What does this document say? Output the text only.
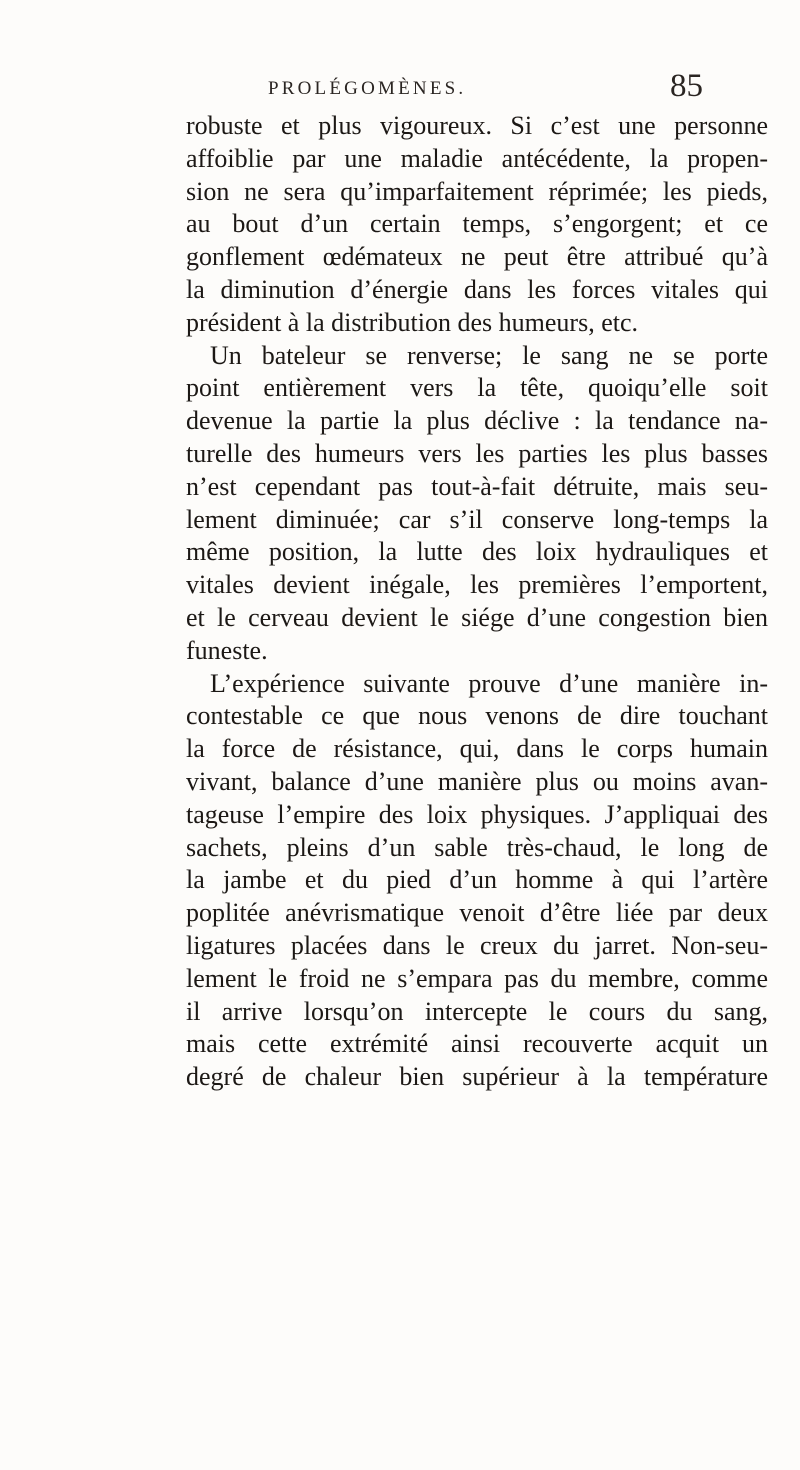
PROLÉGOMÈNES.	85
robuste et plus vigoureux. Si c’est une personne
affoiblie par une maladie antécédente, la propen-
sion ne sera qu’imparfaitement réprimée; les pieds,
au bout d’un certain temps, s’engorgent; et ce
gonflement œdémateux ne peut être attribué qu’à
la diminution d’énergie dans les forces vitales qui
président à la distribution des humeurs, etc.
Un bateleur se renverse; le sang ne se porte
point entièrement vers la tête, quoiqu’elle soit
devenue la partie la plus déclive : la tendance na-
turelle des humeurs vers les parties les plus basses
n’est cependant pas tout-à-fait détruite, mais seu-
lement diminuée; car s’il conserve long-temps la
même position, la lutte des loix hydrauliques et
vitales devient inégale, les premières l’emportent,
et le cerveau devient le siége d’une congestion bien
funeste.
L’expérience suivante prouve d’une manière in-
contestable ce que nous venons de dire touchant
la force de résistance, qui, dans le corps humain
vivant, balance d’une manière plus ou moins avan-
tageuse l’empire des loix physiques. J’appliquai des
sachets, pleins d’un sable très-chaud, le long de
la jambe et du pied d’un homme à qui l’artère
poplitée anévrismatique venoit d’être liée par deux
ligatures placées dans le creux du jarret. Non-seu-
lement le froid ne s’empara pas du membre, comme
il arrive lorsqu’on intercepte le cours du sang,
mais cette extrémité ainsi recouverte acquit un
degré de chaleur bien supérieur à la température
